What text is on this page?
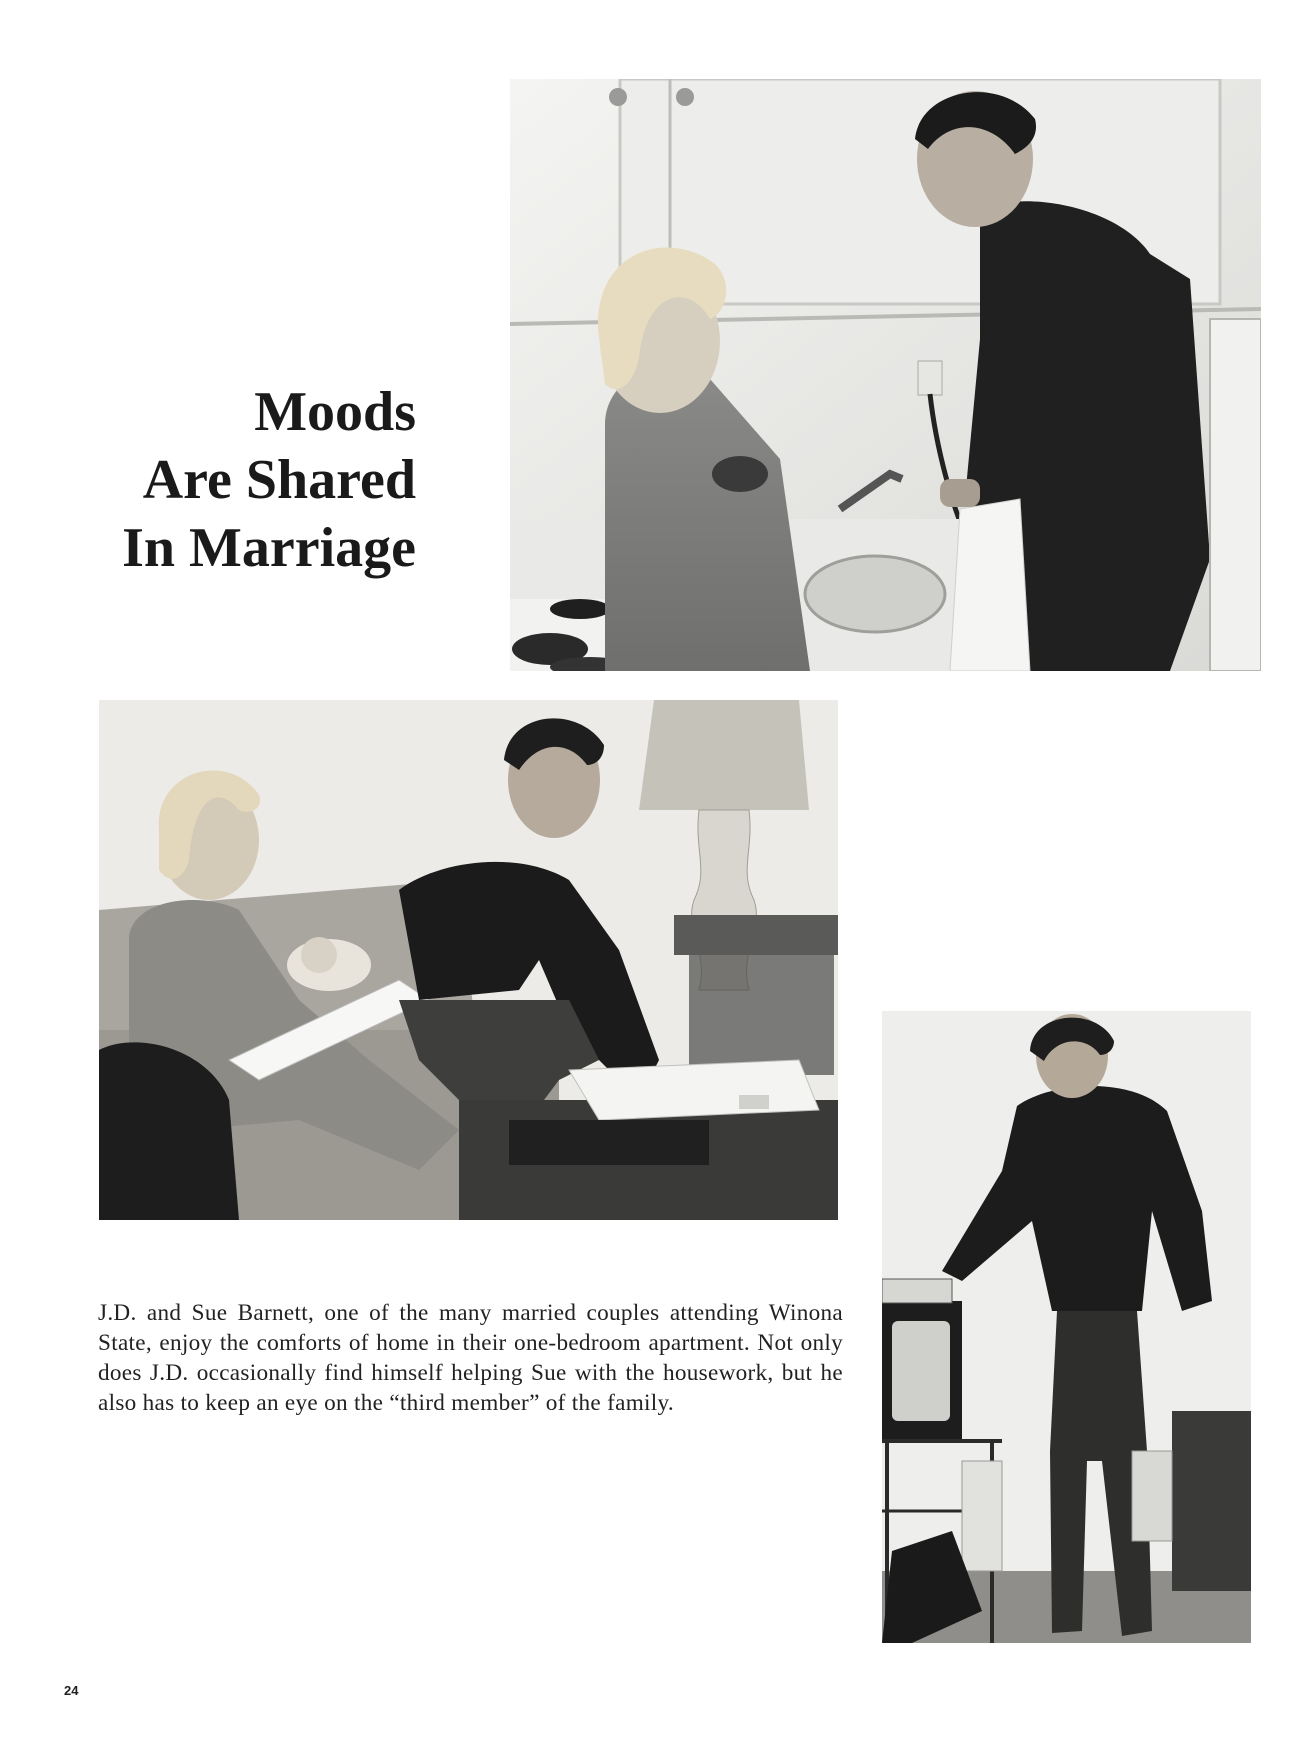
Moods
Are Shared
In Marriage

J.D. and Sue Barnett, one of the many married couples attending Winona State, enjoy the comforts of home in their one-bedroom apartment. Not only does J.D. occasionally find himself helping Sue with the housework, but he also has to keep an eye on the “third member” of the family.

24
